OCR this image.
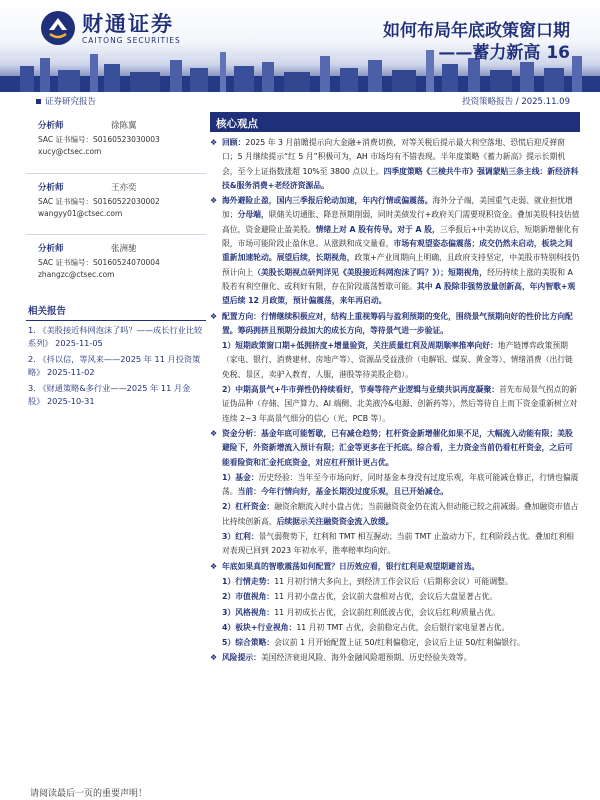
财通证券
CAITONG SECURITIES	如何布局年底政策窗口期
——蓄力新高 16
证券研究报告	投资策略报告 / 2025.11.09
分析师	徐陈翼
SAC 证书编号：S0160523030003
xucy@ctsec.com
分析师	王亦奕
SAC 证书编号：S0160522030002
wangyy01@ctsec.com
分析师	张洲驰
SAC 证书编号：S0160524070004
zhangzc@ctsec.com
相关报告
1. 《美股接近科网泡沫了吗？——成长行业比较系列》 2025-11-05
2. 《抖以信，等风来——2025 年 11 月投资策略》 2025-11-02
3. 《财通策略&多行业——2025 年 11 月金股》 2025-10-31
核心观点
❖ 回顾：2025 年 3 月前瞻提示向大金融+消费切换，对等关税后提示最大利空落地、恐慌后迎反弹窗口；5 月继续提示“红 5 月”积极可为，AH 市场均有不错表现。半年度策略《蓄力新高》提示长期机会，至今上证指数涨超 10%至 3800 点以上。四季度策略《三棱共牛市》强调蒙贴三条主线：新经济科技&服务消费+老经济资源品。
❖ 海外避险止盈，国内三季报后轮动加速，年内行情或偏震荡。海外分子端，美国重气走弱、就业担忧增加；分母端，联储关切通胀、降息预期削弱，同时美债发行+政府关门需要现积资金。叠加美股科技估值高位，资金避险止盈美股。情绪上对 A 股有传导。对于 A 股，三季报后+中美协议后，短期新增催化有限，市场可能阶段止盈休息。从涨跌和成交量看，市场有观望姿态偏震荡；成交仍然未启动，板块之间重新加速轮动。展望后续，长期视角，政策+产业周期向上明确，且政府支持坚定，中美股市特别科技仍预计向上（美股长期视点研判详见《美股接近科网泡沫了吗？》）；短期视角，经历持续上涨的美股和 A 股若有利空催化、或利好有限，存在阶段震荡暂歇可能。其中 A 股除非强势放量创新高，年内智歌+观望后续 12 月政策，预计偏震荡，来年再启动。
❖ 配置方向：行情继续积极应对，结构上重视筹码与盈利预期的变化，围绕景气预期向好的性价比方向配置。筹码拥挤且预期分歧加大的成长方向，等待景气进一步验证。
1）短期政策窗口期+低拥挤度+增量验资，关注质量红利及周期顺率推率向好：地产链博弈政策预期（家电、银行、消费建材、房地产等）、资源品受益涨价（电解铝、煤炭、黄金等）、情绪消费（出行链免税、景区，卖驴入教育、人服，港股等待美股企稳）。
2）中期高景气+牛市弹性仍持续看好，节奏等待产业逻辑与业绩共识再度凝聚：首先布局景气拐点的新证伪品种（存储、国产算力、AI 端侧、北美液冷&电源、创新药等），然后等待自上而下资金重新树立对连续 2~3 年高景气细分的信心（光、PCB 等）。
❖ 资金分析：基金年底可能暂歇，已有减仓趋势；杠杆资金新增催化如果不足，大幅流入动能有限；美股避险下，外资新增流入预计有限；汇金等更多在于托底。综合看，主力资金当前仍看杠杆资金，之后可能看险资和汇金托底资金，对应杠杆预计更占优。
1）基金：历史经验：当年至今市场向好，同时基金本身没有过度乐观，年底可能减仓修正，行情也偏震荡。当前：今年行情向好，基金长期没过度乐观，且已开始减仓。
2）杠杆资金：融资余额流入时小盘占优；当前融资资金仍在流入但动能已较之前减弱。叠加融资市值占比持续创新高，后续据示关注融资资金流入放缓。
3）红利：景气弱赘势下，红利和 TMT 相互握动；当前 TMT 止盈动力下，红利阶段占优。叠加红利相对表现已回到 2023 年初水平，胜率赔率均向好。
❖ 年底如果真的智歌震荡如何配置？日历效应看，银行红利是观望期避首选。
1）行情走势：11 月初行情大多向上，到经济工作会议后（后期称会议）可能调整。
2）市值视角：11 月初小盘占优，会议前大盘相对占优，会议后大盘显著占优。
3）风格视角：11 月初成长占优，会议前红利低波占优，会议后红利/质量占优。
4）板块+行业视角：11 月初 TMT 占优，会前稳定占优，会后银行家电显著占优。
5）综合策略：会议前 1 月开始配置上证 50/红利偏稳定，会议后上证 50/红利偏银行。
❖ 风险提示：美国经济衰退风险、海外金融风险超预期、历史经验失效等。
请阅读最后一页的重要声明！
